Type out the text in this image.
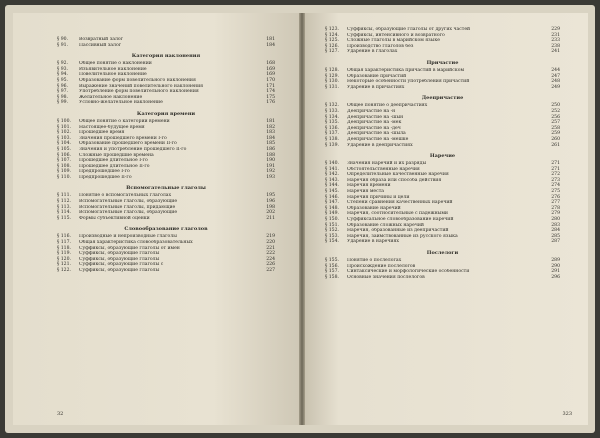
§ 90.	Возвратный залог	181
§ 91.	Пассивный залог	184
Категория наклонения
§ 92.	Общее понятие о наклонении	168
§ 93.	Изъявительное наклонение	169
§ 94.	Повелительное наклонение	169
§ 95.	Образование форм повелительного наклонения	170
§ 96.	Выражение значений повелительного наклонения	171
§ 97.	Употребление форм повелительного наклонения	174
§ 98.	Желательное наклонение	175
§ 99.	Условно-желательное наклонение	176
Категория времени
§ 100.	Общее понятие о категории времени	181
§ 101.	Настоящее-будущее время	182
§ 102.	Прошедшее время	183
§ 103.	Значения прошедшего времени I-го	184
§ 104.	Образование прошедшего времени II-го	185
§ 105.	Значения и употребление прошедшего II-го	186
§ 106.	Сложные прошедшие времена	188
§ 107.	Прошедшее длительное I-го	190
§ 108.	Прошедшее длительное II-го	191
§ 109.	Предпрошедшее I-го	192
§ 110.	Предпрошедшее II-го	193
Вспомогательные глаголы
§ 111.	Понятие о вспомогательных глаголах	195
§ 112.	Вспомогательные глаголы, образующие	196
§ 113.	Вспомогательные глаголы, придающие	198
§ 114.	Вспомогательные глаголы, образующие	202
§ 115.	Формы субъективной оценки	211
Словообразование глаголов
§ 116.	Производные и непроизводные глаголы	219
§ 117.	Общая характеристика словообразовательных	220
§ 118.	Суффиксы, образующие глаголы от имен	221
§ 119.	Суффиксы, образующие глаголы	222
§ 120.	Суффиксы, образующие глаголы	224
§ 121.	Суффиксы, образующие глаголы с	226
§ 122.	Суффиксы, образующие глаголы	227
32
§ 123.	Суффиксы, образующие глаголы от других частей	229
§ 124.	Суффиксы, интенсивного и возвратного	231
§ 125.	Сложные глаголы в марийском языке	233
§ 126.	Производство глаголов без	238
§ 127.	Ударение в глаголах	241
Причастие
§ 128.	Общая характеристика причастий в марийском	244
§ 129.	Образование причастий	247
§ 130.	Некоторые особенности употребления причастий	248
§ 131.	Ударение в причастиях	249
Деепричастие
§ 132.	Общее понятие о деепричастиях	250
§ 133.	Деепричастие на -н	252
§ 134.	Деепричастие на -шын	256
§ 135.	Деепричастие на -мек	257
§ 136.	Деепричастие на -деч	258
§ 137.	Деепричастие на -шыла	259
§ 138.	Деепричастие на -мешке	260
§ 139.	Ударение в деепричастиях	261
Наречие
§ 140.	Значения наречий и их разряды	271
§ 141.	Обстоятельственные наречия	271
§ 142.	Определительные качественные наречия	272
§ 143.	Наречия образа или способа действия	273
§ 144.	Наречия времени	274
§ 145.	Наречия места	275
§ 146.	Наречия причины и цели	276
§ 147.	Степени сравнения качественных наречий	277
§ 148.	Образование наречий	278
§ 149.	Наречия, соотносительные с падежными	279
§ 150.	Суффиксальное словообразование наречий	280
§ 151.	Образование сложных наречий	283
§ 152.	Наречия, образованные из деепричастий	284
§ 153.	Наречия, заимствованные из русского языка	285
§ 154.	Ударение в наречиях	287
Послелоги
§ 155.	Понятие о послелогах	289
§ 156.	Происхождение послелогов	290
§ 157.	Синтаксические и морфологические особенности	291
§ 158.	Основные значения послелогов	296
323
